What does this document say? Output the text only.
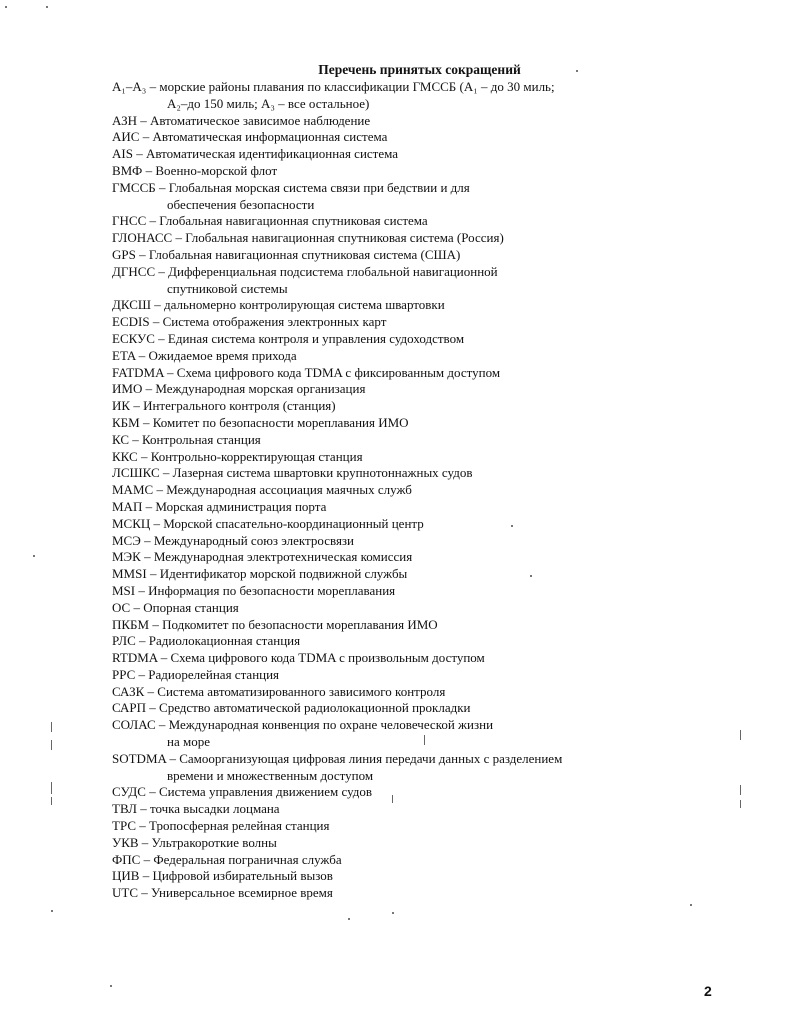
Перечень принятых сокращений
A₁–A₃ – морские районы плавания по классификации ГМССБ (A₁ – до 30 миль;
A₂–до 150 миль; A₃ – все остальное)
АЗН – Автоматическое зависимое наблюдение
АИС – Автоматическая информационная система
AIS – Автоматическая идентификационная система
ВМФ – Военно-морской флот
ГМССБ – Глобальная морская система связи при бедствии и для
обеспечения безопасности
ГНСС – Глобальная навигационная спутниковая система
ГЛОНАСС – Глобальная навигационная спутниковая система (Россия)
GPS – Глобальная навигационная спутниковая система (США)
ДГНСС – Дифференциальная подсистема глобальной навигационной
спутниковой системы
ДКСШ – дальномерно контролирующая система швартовки
ECDIS – Система отображения электронных карт
ЕСКУС – Единая система контроля и управления судоходством
ETA – Ожидаемое время прихода
FATDMA – Схема цифрового кода TDMA с фиксированным доступом
ИМО – Международная морская организация
ИК – Интегрального контроля (станция)
КБМ – Комитет по безопасности мореплавания ИМО
КС – Контрольная станция
ККС – Контрольно-корректирующая станция
ЛСШКС – Лазерная система швартовки крупнотоннажных судов
МАМС – Международная ассоциация маячных служб
МАП – Морская администрация порта
МСКЦ – Морской спасательно-координационный центр
МСЭ – Международный союз электросвязи
МЭК – Международная электротехническая комиссия
MMSI – Идентификатор морской подвижной службы
MSI – Информация по безопасности мореплавания
ОС – Опорная станция
ПКБМ – Подкомитет по безопасности мореплавания ИМО
РЛС – Радиолокационная станция
RTDMA – Схема цифрового кода TDMA с произвольным доступом
РРС – Радиорелейная станция
САЗК – Система автоматизированного зависимого контроля
САРП – Средство автоматической радиолокационной прокладки
СОЛАС – Международная конвенция по охране человеческой жизни
на море
SOTDMA – Самоорганизующая цифровая линия передачи данных с разделением
времени и множественным доступом
СУДС – Система управления движением судов
ТВЛ – точка высадки лоцмана
ТРС – Тропосферная релейная станция
УКВ – Ультракороткие волны
ФПС – Федеральная пограничная служба
ЦИВ – Цифровой избирательный вызов
UTC – Универсальное всемирное время
2
